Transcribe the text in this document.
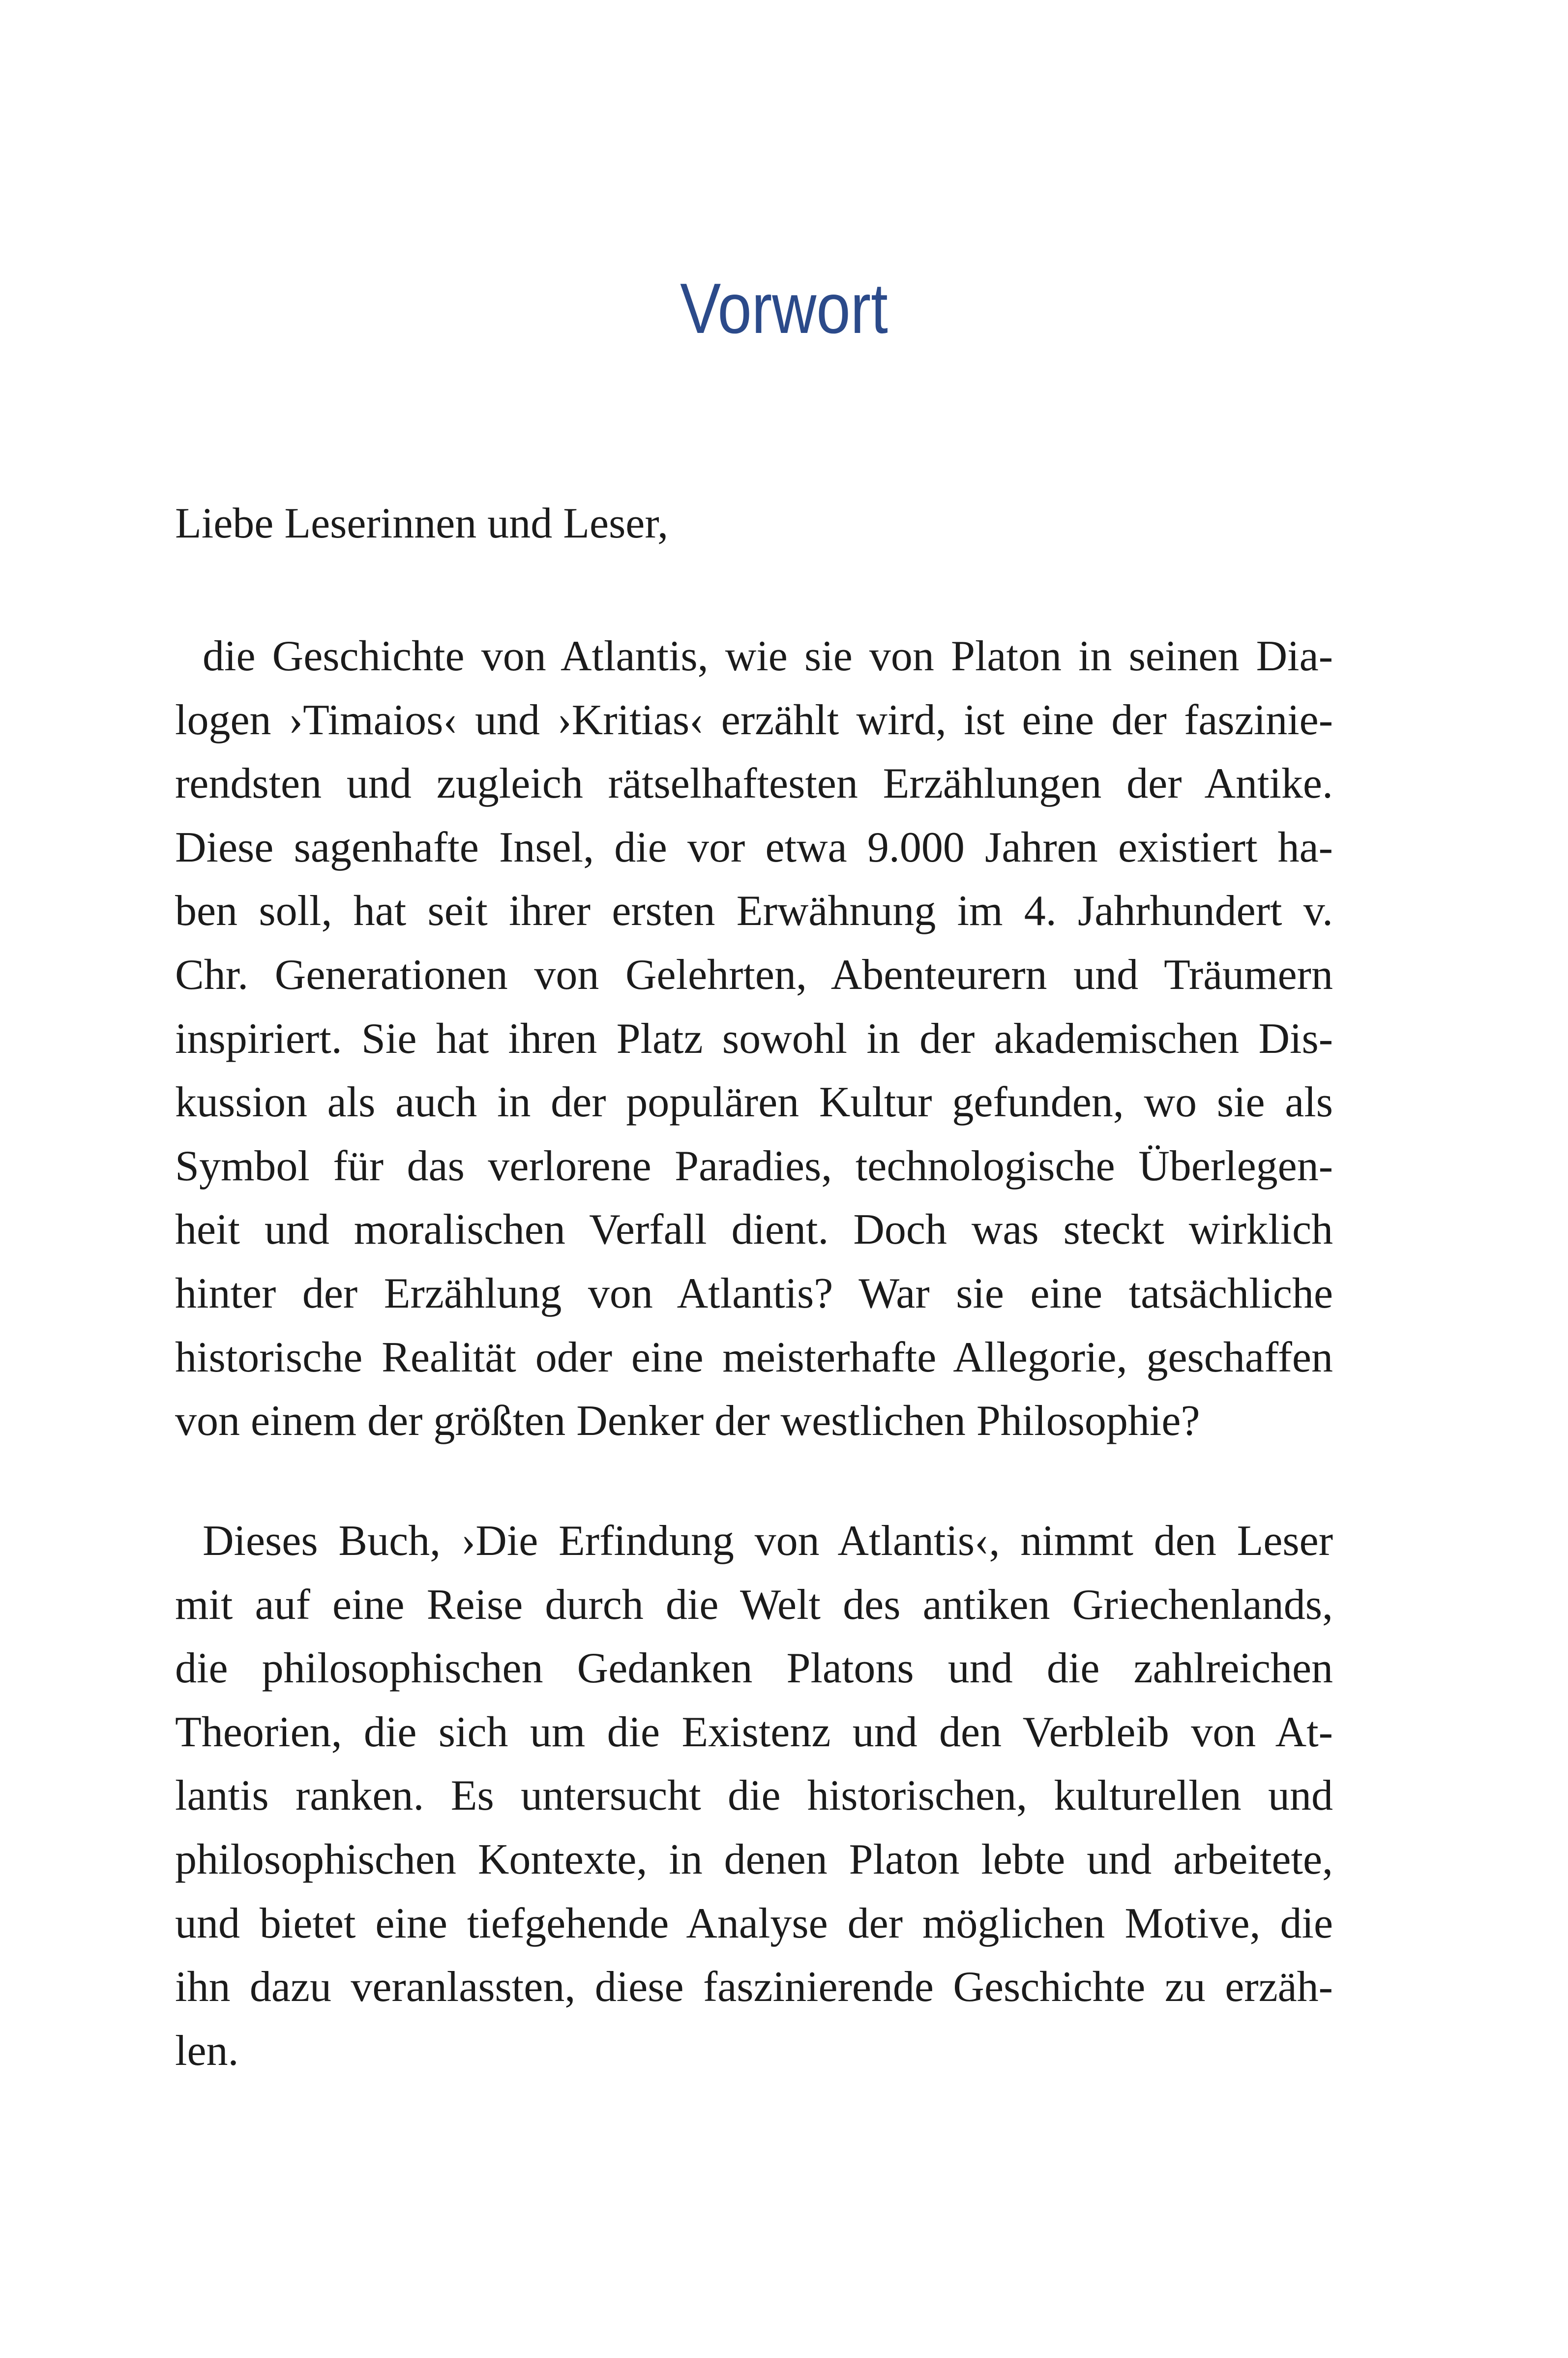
Vorwort

Liebe Leserinnen und Leser,

die Geschichte von Atlantis, wie sie von Platon in seinen Dia-
logen ›Timaios‹ und ›Kritias‹ erzählt wird, ist eine der faszinie-
rendsten und zugleich rätselhaftesten Erzählungen der Antike.
Diese sagenhafte Insel, die vor etwa 9.000 Jahren existiert ha-
ben soll, hat seit ihrer ersten Erwähnung im 4. Jahrhundert v.
Chr. Generationen von Gelehrten, Abenteurern und Träumern
inspiriert. Sie hat ihren Platz sowohl in der akademischen Dis-
kussion als auch in der populären Kultur gefunden, wo sie als
Symbol für das verlorene Paradies, technologische Überlegen-
heit und moralischen Verfall dient. Doch was steckt wirklich
hinter der Erzählung von Atlantis? War sie eine tatsächliche
historische Realität oder eine meisterhafte Allegorie, geschaffen
von einem der größten Denker der westlichen Philosophie?
Dieses Buch, ›Die Erfindung von Atlantis‹, nimmt den Leser
mit auf eine Reise durch die Welt des antiken Griechenlands,
die philosophischen Gedanken Platons und die zahlreichen
Theorien, die sich um die Existenz und den Verbleib von At-
lantis ranken. Es untersucht die historischen, kulturellen und
philosophischen Kontexte, in denen Platon lebte und arbeitete,
und bietet eine tiefgehende Analyse der möglichen Motive, die
ihn dazu veranlassten, diese faszinierende Geschichte zu erzäh-
len.
